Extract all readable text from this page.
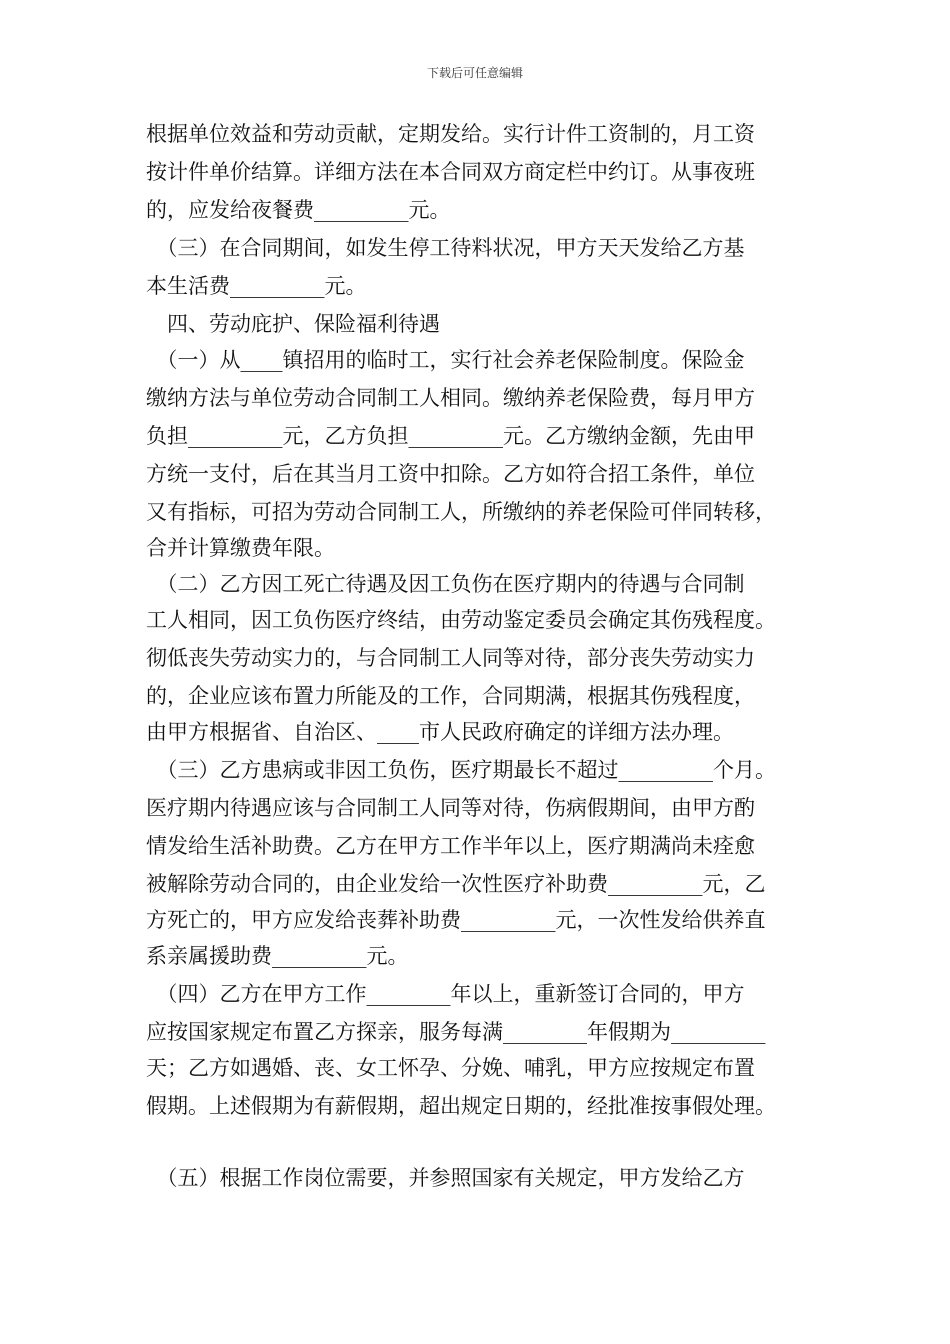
下载后可任意编辑
根据单位效益和劳动贡献，定期发给。实行计件工资制的，月工资
按计件单价结算。详细方法在本合同双方商定栏中约订。从事夜班
的，应发给夜餐费_________元。
　（三）在合同期间，如发生停工待料状况，甲方天天发给乙方基
本生活费_________元。
　四、劳动庇护、保险福利待遇
　（一）从____镇招用的临时工，实行社会养老保险制度。保险金
缴纳方法与单位劳动合同制工人相同。缴纳养老保险费，每月甲方
负担_________元，乙方负担_________元。乙方缴纳金额，先由甲
方统一支付，后在其当月工资中扣除。乙方如符合招工条件，单位
又有指标，可招为劳动合同制工人，所缴纳的养老保险可伴同转移，
合并计算缴费年限。
　（二）乙方因工死亡待遇及因工负伤在医疗期内的待遇与合同制
工人相同，因工负伤医疗终结，由劳动鉴定委员会确定其伤残程度。
彻低丧失劳动实力的，与合同制工人同等对待，部分丧失劳动实力
的，企业应该布置力所能及的工作，合同期满，根据其伤残程度，
由甲方根据省、自治区、____市人民政府确定的详细方法办理。
　（三）乙方患病或非因工负伤，医疗期最长不超过_________个月。
医疗期内待遇应该与合同制工人同等对待，伤病假期间，由甲方酌
情发给生活补助费。乙方在甲方工作半年以上，医疗期满尚未痊愈
被解除劳动合同的，由企业发给一次性医疗补助费_________元，乙
方死亡的，甲方应发给丧葬补助费_________元，一次性发给供养直
系亲属援助费_________元。
　（四）乙方在甲方工作________年以上，重新签订合同的，甲方
应按国家规定布置乙方探亲，服务每满________年假期为_________
天；乙方如遇婚、丧、女工怀孕、分娩、哺乳，甲方应按规定布置
假期。上述假期为有薪假期，超出规定日期的，经批准按事假处理。
　（五）根据工作岗位需要，并参照国家有关规定，甲方发给乙方
